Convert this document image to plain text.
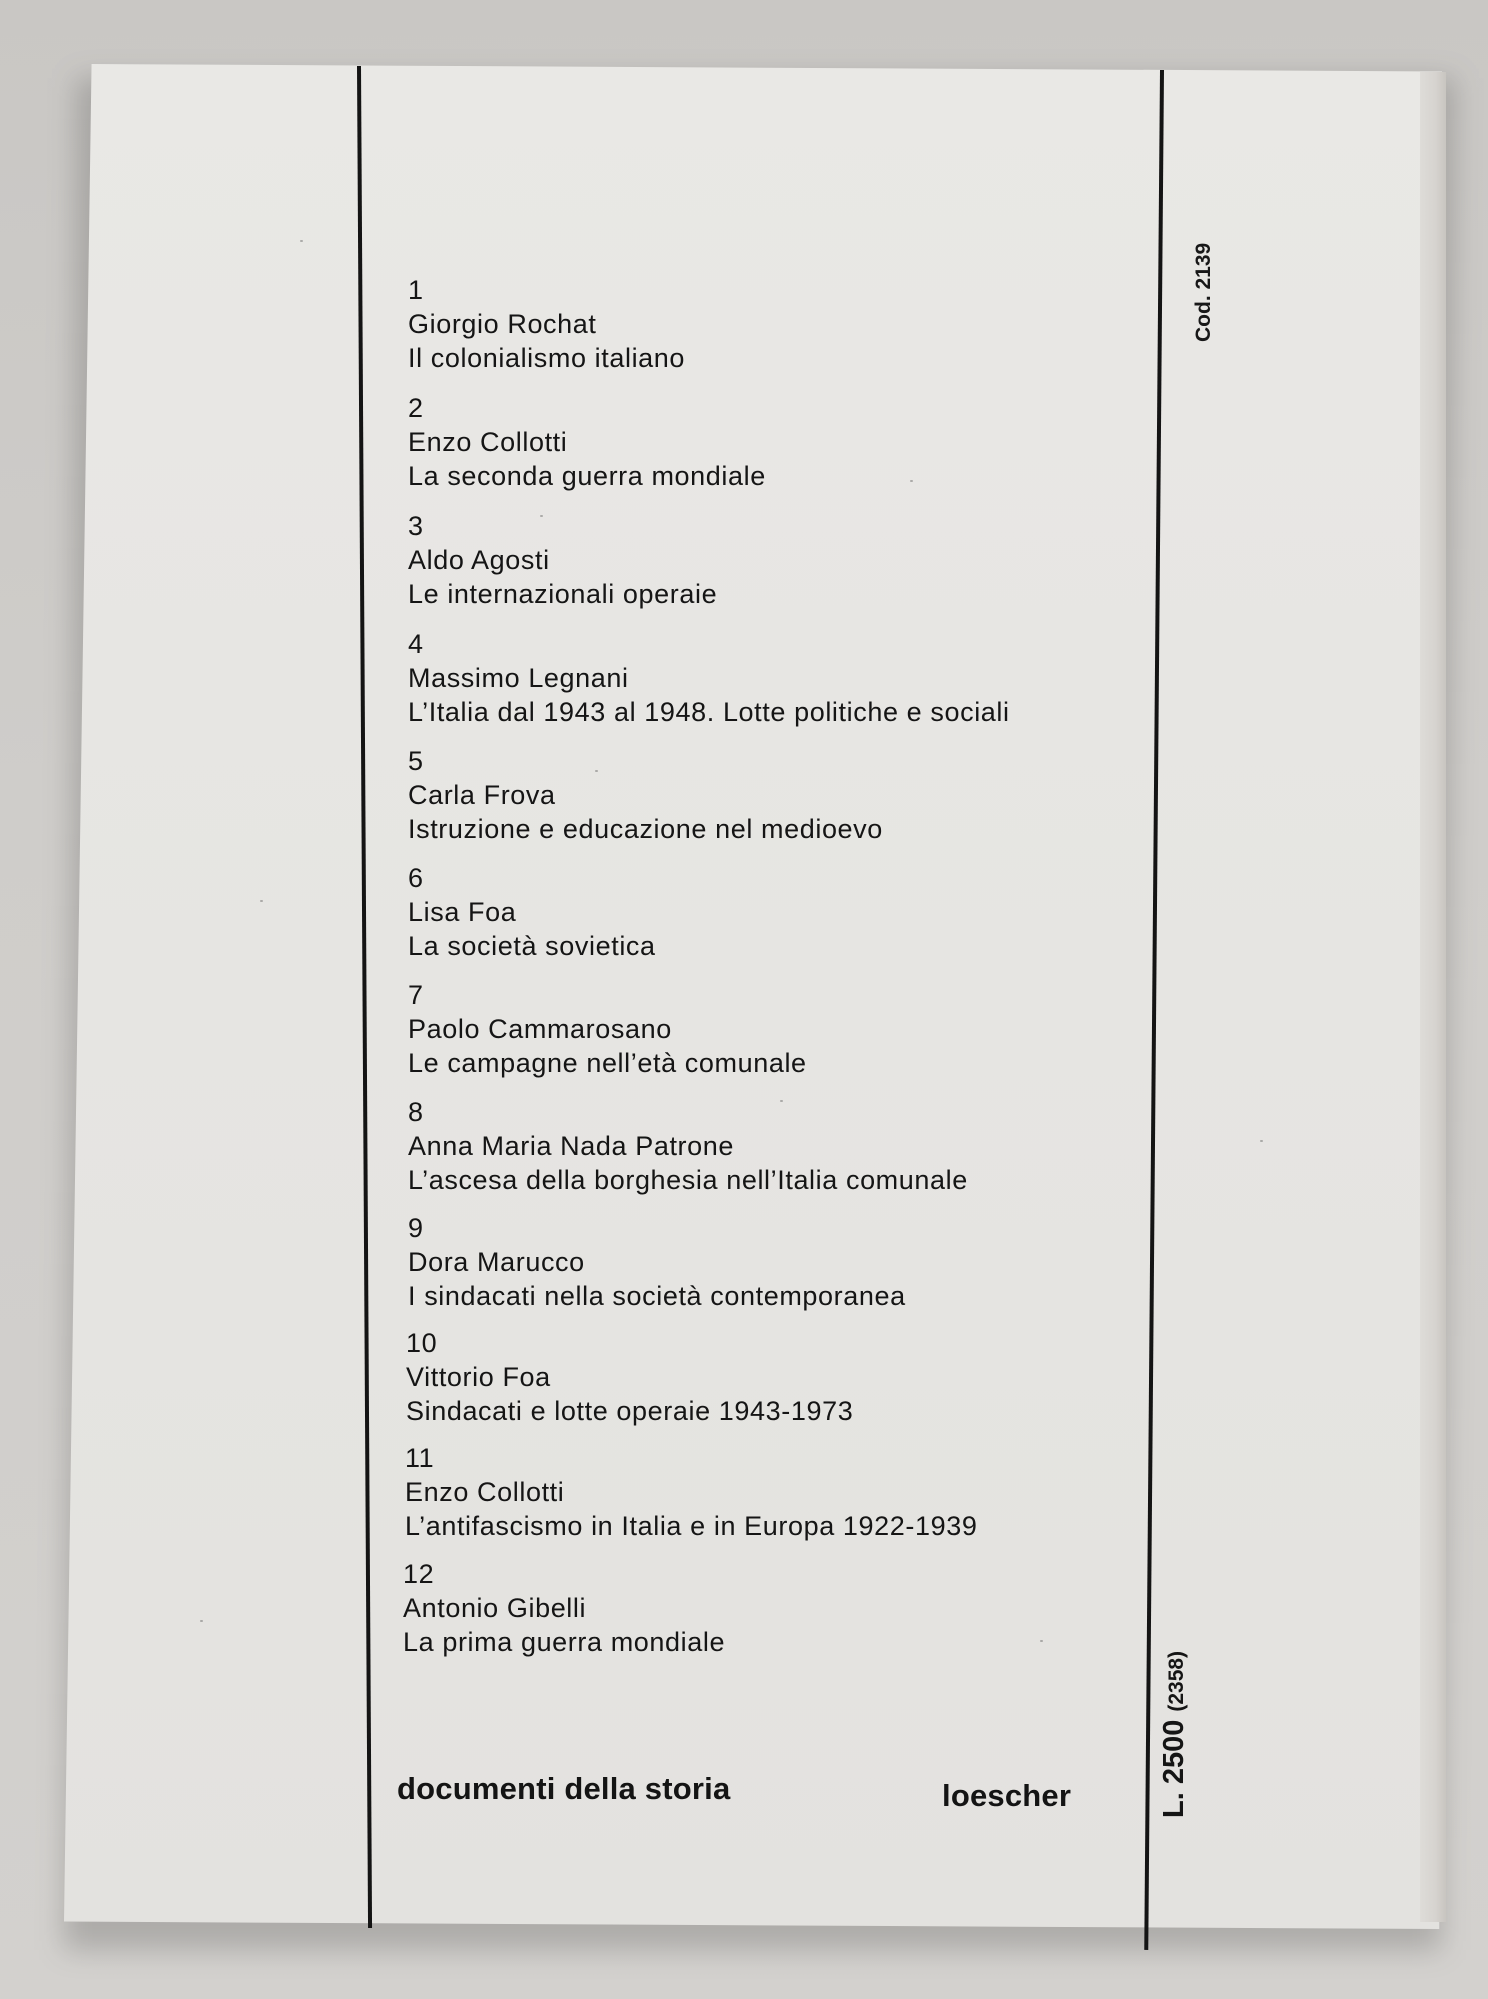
1
Giorgio Rochat
Il colonialismo italiano
2
Enzo Collotti
La seconda guerra mondiale
3
Aldo Agosti
Le internazionali operaie
4
Massimo Legnani
L’Italia dal 1943 al 1948. Lotte politiche e sociali
5
Carla Frova
Istruzione e educazione nel medioevo
6
Lisa Foa
La società sovietica
7
Paolo Cammarosano
Le campagne nell’età comunale
8
Anna Maria Nada Patrone
L’ascesa della borghesia nell’Italia comunale
9
Dora Marucco
I sindacati nella società contemporanea
10
Vittorio Foa
Sindacati e lotte operaie 1943-1973
11
Enzo Collotti
L’antifascismo in Italia e in Europa 1922-1939
12
Antonio Gibelli
La prima guerra mondiale
documenti della storia	loescher
Cod. 2139
L. 2500(2358)
